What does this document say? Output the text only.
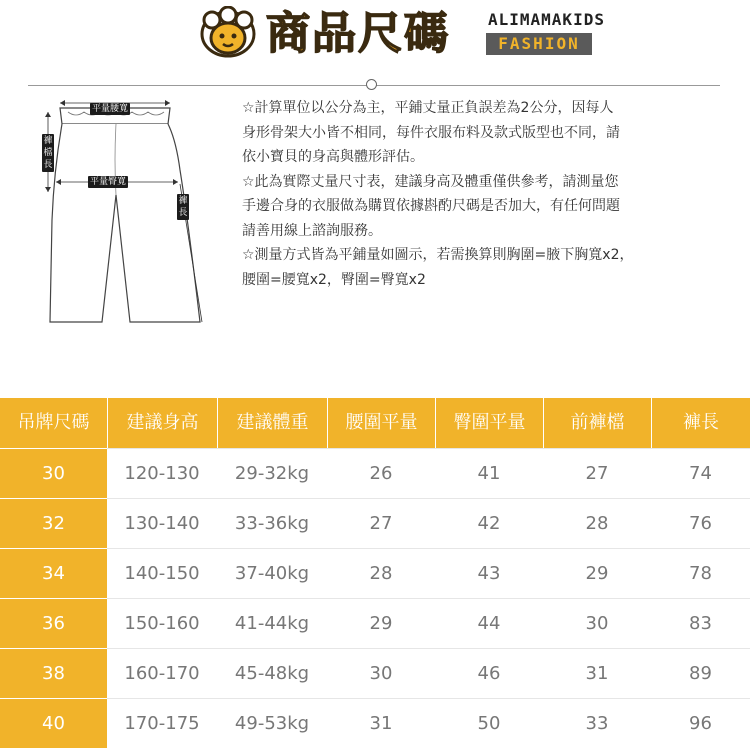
商品尺碼 ALIMAMAKIDS
FASHION
平量腰寬
平量臀寬
褲檔長
褲長

☆計算單位以公分為主，平鋪丈量正負誤差為2公分，因每人
身形骨架大小皆不相同，每件衣服布料及款式版型也不同，請
依小寶貝的身高與體形評估。

☆此為實際丈量尺寸表，建議身高及體重僅供參考，請測量您
手邊合身的衣服做為購買依據斟酌尺碼是否加大，有任何問題
請善用線上諮詢服務。

☆測量方式皆為平鋪量如圖示，若需換算則胸圍=腋下胸寬x2，
腰圍=腰寬x2，臀圍=臀寬x2

吊牌尺碼	建議身高	建議體重	腰圍平量	臀圍平量	前褲檔	褲長
30	120-130	29-32kg	26	41	27	74
32	130-140	33-36kg	27	42	28	76
34	140-150	37-40kg	28	43	29	78
36	150-160	41-44kg	29	44	30	83
38	160-170	45-48kg	30	46	31	89
40	170-175	49-53kg	31	50	33	96
